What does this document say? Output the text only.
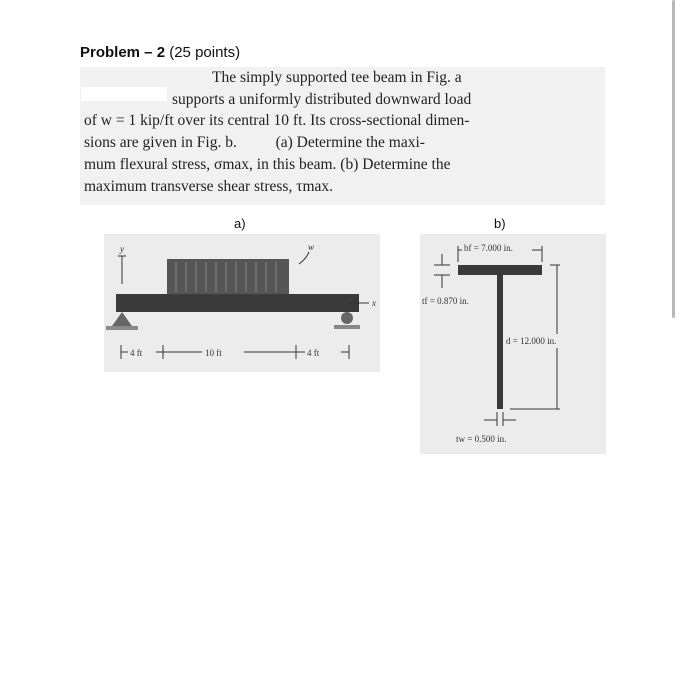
Problem – 2 (25 points)
The simply supported tee beam in Fig. a
supports a uniformly distributed downward load
of w = 1 kip/ft over its central 10 ft. Its cross-sectional dimen-
sions are given in Fig. b.          (a) Determine the maxi-
mum flexural stress, σmax, in this beam. (b) Determine the
maximum transverse shear stress, τmax.
a)	b)
y	w
x
4 ft	10 ft	4 ft
bf = 7.000 in.
tf = 0.870 in.
d = 12.000 in.
tw = 0.500 in.
